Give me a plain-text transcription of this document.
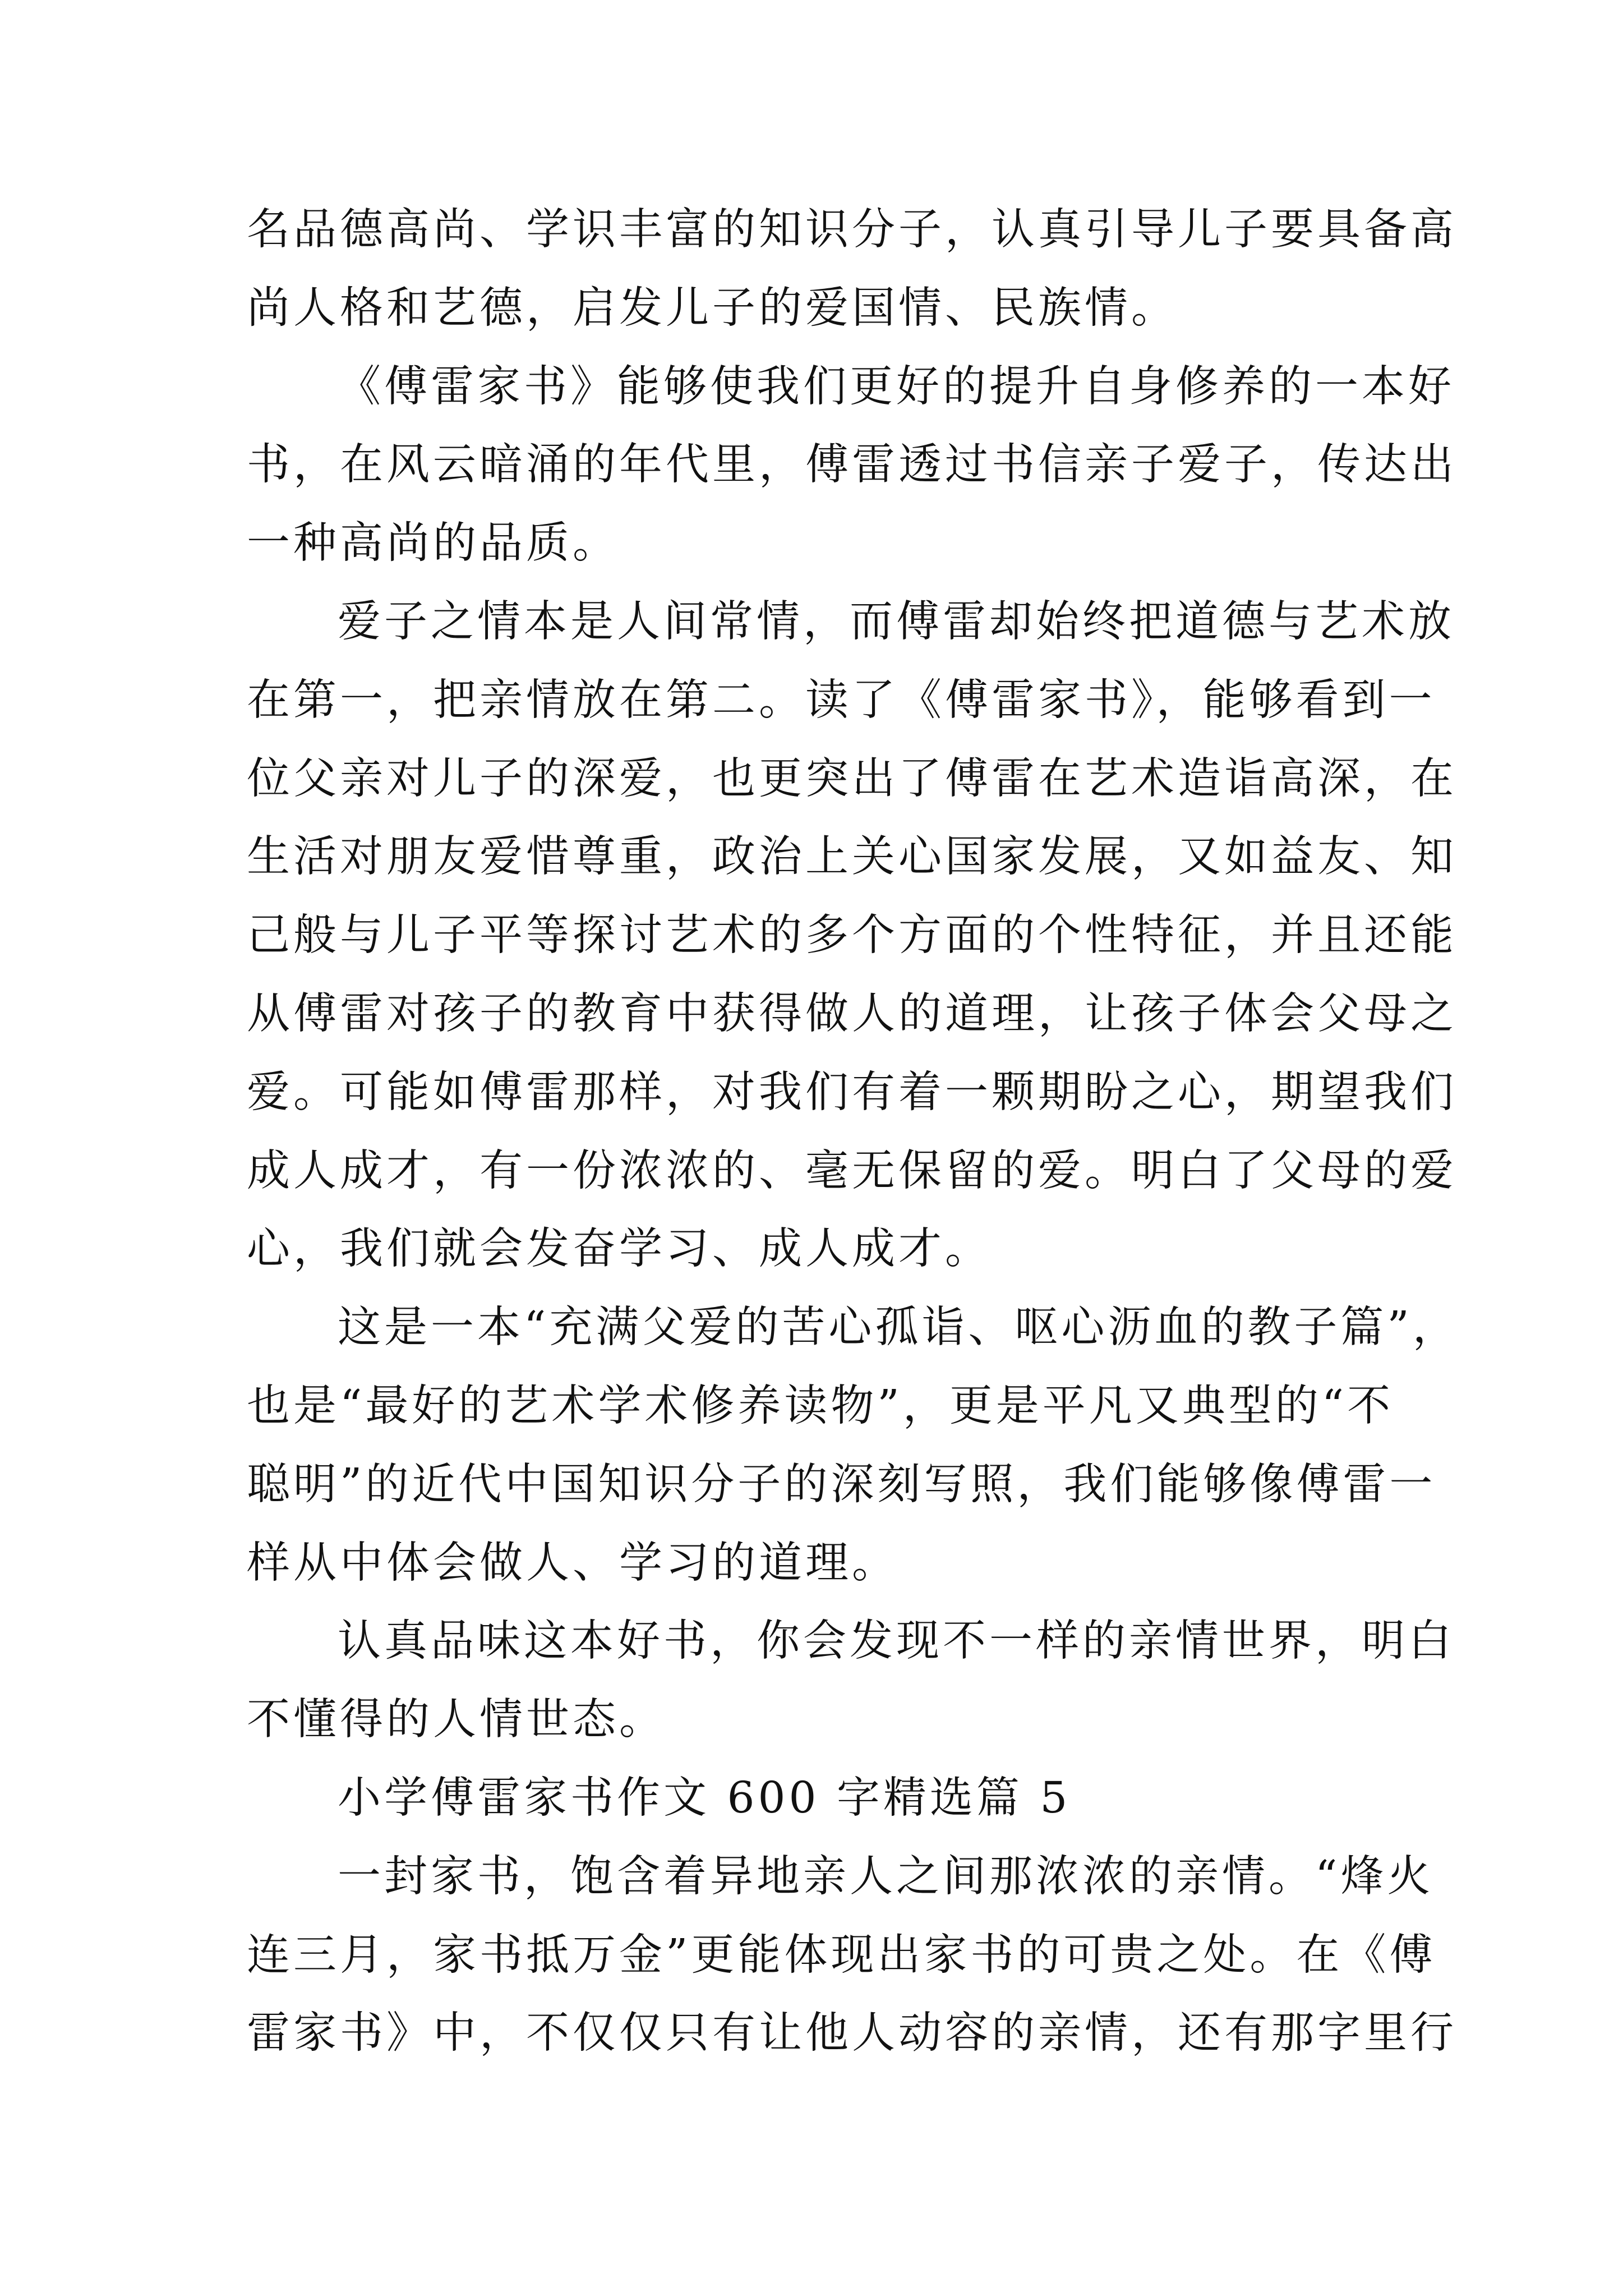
名品德高尚、学识丰富的知识分子，认真引导儿子要具备高
尚人格和艺德，启发儿子的爱国情、民族情。
《傅雷家书》能够使我们更好的提升自身修养的一本好
书，在风云暗涌的年代里，傅雷透过书信亲子爱子，传达出
一种高尚的品质。
爱子之情本是人间常情，而傅雷却始终把道德与艺术放
在第一，把亲情放在第二。读了《傅雷家书》，能够看到一
位父亲对儿子的深爱，也更突出了傅雷在艺术造诣高深，在
生活对朋友爱惜尊重，政治上关心国家发展，又如益友、知
己般与儿子平等探讨艺术的多个方面的个性特征，并且还能
从傅雷对孩子的教育中获得做人的道理，让孩子体会父母之
爱。可能如傅雷那样，对我们有着一颗期盼之心，期望我们
成人成才，有一份浓浓的、毫无保留的爱。明白了父母的爱
心，我们就会发奋学习、成人成才。
这是一本“充满父爱的苦心孤诣、呕心沥血的教子篇”，
也是“最好的艺术学术修养读物”，更是平凡又典型的“不
聪明”的近代中国知识分子的深刻写照，我们能够像傅雷一
样从中体会做人、学习的道理。
认真品味这本好书，你会发现不一样的亲情世界，明白
不懂得的人情世态。
小学傅雷家书作文 600 字精选篇 5
一封家书，饱含着异地亲人之间那浓浓的亲情。“烽火
连三月，家书抵万金”更能体现出家书的可贵之处。在《傅
雷家书》中，不仅仅只有让他人动容的亲情，还有那字里行
